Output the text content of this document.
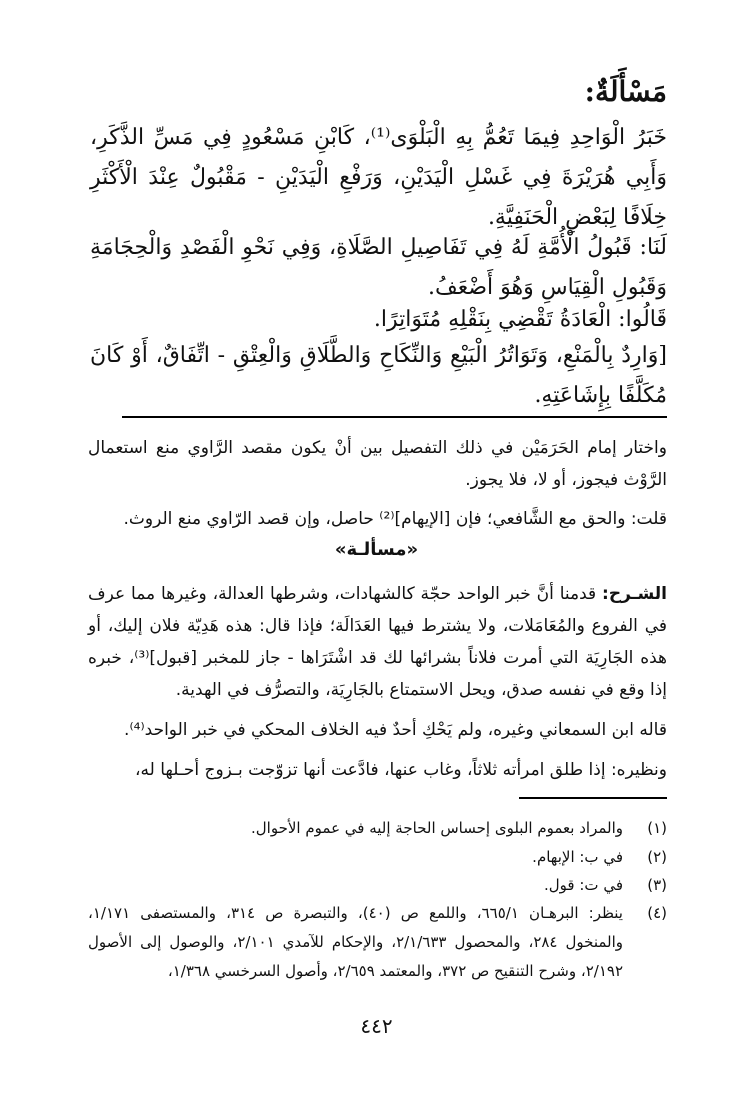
مَسْأَلَةٌ:
خَبَرُ الْوَاحِدِ فِيمَا تَعُمُّ بِهِ الْبَلْوَى⁽¹⁾، كَابْنِ مَسْعُودٍ فِي مَسِّ الذَّكَرِ، وَأَبِي هُرَيْرَةَ فِي غَسْلِ الْيَدَيْنِ، وَرَفْعِ الْيَدَيْنِ - مَقْبُولٌ عِنْدَ الْأَكْثَرِ خِلَافًا لِبَعْضِ الْحَنَفِيَّةِ.
لَنَا: قَبُولُ الْأُمَّةِ لَهُ فِي تَفَاصِيلِ الصَّلَاةِ، وَفِي نَحْوِ الْفَصْدِ وَالْحِجَامَةِ وَقَبُولِ الْقِيَاسِ وَهُوَ أَضْعَفُ.
قَالُوا: الْعَادَةُ تَقْضِي بِنَقْلِهِ مُتَوَاتِرًا.
[وَارِدٌ بِالْمَنْعِ، وَتَوَاتُرُ الْبَيْعِ وَالنِّكَاحِ وَالطَّلَاقِ وَالْعِتْقِ - اتِّفَاقٌ، أَوْ كَانَ مُكَلَّفًا بِإِشَاعَتِهِ.
واختار إمام الحَرَمَيْن في ذلك التفصيل بين أنْ يكون مقصد الرَّاوي منع استعمال الرَّوْث فيجوز، أو لا، فلا يجوز.
قلت: والحق مع الشَّافعي؛ فإن [الإيهام]⁽²⁾ حاصل، وإن قصد الرّاوي منع الروث.
«مسألـة»
الشـرح: قدمنا أنَّ خبر الواحد حجّة كالشهادات، وشرطها العدالة، وغيرها مما عرف في الفروع والمُعَامَلات، ولا يشترط فيها العَدَالَة؛ فإذا قال: هذه هَدِيّة فلان إليك، أو هذه الجَارِيَة التي أمرت فلاناً بشرائها لك قد اشْتَرَاها - جاز للمخبر [قبول]⁽³⁾، خبره إذا وقع في نفسه صدق، ويحل الاستمتاع بالجَارِيَة، والتصرُّف في الهدية.
قاله ابن السمعاني وغيره، ولم يَحْكِ أحدٌ فيه الخلاف المحكي في خبر الواحد⁽⁴⁾.
ونظيره: إذا طلق امرأته ثلاثاً، وغاب عنها، فادَّعت أنها تزوّجت بـزوج أحـلها له،
(١)
والمراد بعموم البلوى إحساس الحاجة إليه في عموم الأحوال.
(٢)
في ب: الإبهام.
(٣)
في ت: قول.
(٤)
ينظر: البرهـان ٦٦٥/١، واللمع ص (٤٠)، والتبصرة ص ٣١٤، والمستصفى ١/١٧١، والمنخول ٢٨٤، والمحصول ٢/١/٦٣٣، والإحكام للآمدي ٢/١٠١، والوصول إلى الأصول ٢/١٩٢، وشرح التنقيح ص ٣٧٢، والمعتمد ٢/٦٥٩، وأصول السرخسي ١/٣٦٨،
٤٤٢
